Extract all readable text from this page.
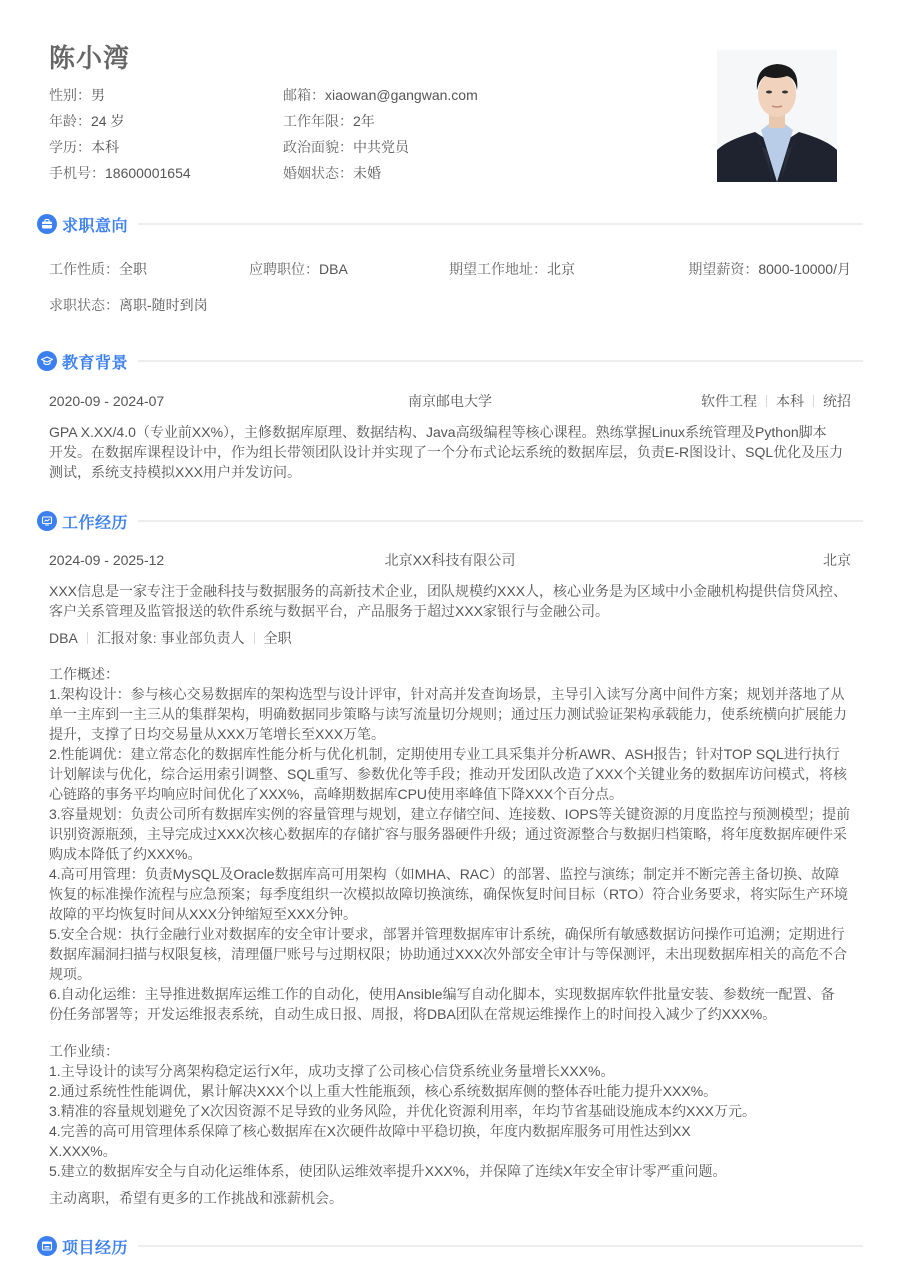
陈小湾
性别：男	邮箱：xiaowan@gangwan.com
年龄：24 岁	工作年限：2年
学历：本科	政治面貌：中共党员
手机号：18600001654	婚姻状态：未婚
求职意向
工作性质：全职	应聘职位：DBA	期望工作地址：北京	期望薪资：8000-10000/月
求职状态：离职-随时到岗
教育背景
2020-09 - 2024-07	南京邮电大学	软件工程 本科 统招

GPA X.XX/4.0（专业前XX%），主修数据库原理、数据结构、Java高级编程等核心课程。熟练掌握Linux系统管理及Python脚本

开发。在数据库课程设计中，作为组长带领团队设计并实现了一个分布式论坛系统的数据库层，负责E-R图设计、SQL优化及压力

测试，系统支持模拟XXX用户并发访问。

工作经历
2024-09 - 2025-12	北京XX科技有限公司	北京

XXX信息是一家专注于金融科技与数据服务的高新技术企业，团队规模约XXX人，核心业务是为区域中小金融机构提供信贷风控、

客户关系管理及监管报送的软件系统与数据平台，产品服务于超过XXX家银行与金融公司。

DBA 汇报对象: 事业部负责人 全职

工作概述：

1.架构设计：参与核心交易数据库的架构选型与设计评审，针对高并发查询场景，主导引入读写分离中间件方案；规划并落地了从

单一主库到一主三从的集群架构，明确数据同步策略与读写流量切分规则；通过压力测试验证架构承载能力，使系统横向扩展能力

提升，支撑了日均交易量从XXX万笔增长至XXX万笔。

2.性能调优：建立常态化的数据库性能分析与优化机制，定期使用专业工具采集并分析AWR、ASH报告；针对TOP SQL进行执行

计划解读与优化，综合运用索引调整、SQL重写、参数优化等手段；推动开发团队改造了XXX个关键业务的数据库访问模式，将核

心链路的事务平均响应时间优化了XXX%，高峰期数据库CPU使用率峰值下降XXX个百分点。

3.容量规划：负责公司所有数据库实例的容量管理与规划，建立存储空间、连接数、IOPS等关键资源的月度监控与预测模型；提前

识别资源瓶颈，主导完成过XXX次核心数据库的存储扩容与服务器硬件升级；通过资源整合与数据归档策略，将年度数据库硬件采

购成本降低了约XXX%。

4.高可用管理：负责MySQL及Oracle数据库高可用架构（如MHA、RAC）的部署、监控与演练；制定并不断完善主备切换、故障

恢复的标准操作流程与应急预案；每季度组织一次模拟故障切换演练，确保恢复时间目标（RTO）符合业务要求，将实际生产环境

故障的平均恢复时间从XXX分钟缩短至XXX分钟。

5.安全合规：执行金融行业对数据库的安全审计要求，部署并管理数据库审计系统，确保所有敏感数据访问操作可追溯；定期进行

数据库漏洞扫描与权限复核，清理僵尸账号与过期权限；协助通过XXX次外部安全审计与等保测评，未出现数据库相关的高危不合

规项。

6.自动化运维：主导推进数据库运维工作的自动化，使用Ansible编写自动化脚本，实现数据库软件批量安装、参数统一配置、备

份任务部署等；开发运维报表系统，自动生成日报、周报，将DBA团队在常规运维操作上的时间投入减少了约XXX%。

工作业绩：

1.主导设计的读写分离架构稳定运行X年，成功支撑了公司核心信贷系统业务量增长XXX%。

2.通过系统性性能调优，累计解决XXX个以上重大性能瓶颈，核心系统数据库侧的整体吞吐能力提升XXX%。

3.精准的容量规划避免了X次因资源不足导致的业务风险，并优化资源利用率，年均节省基础设施成本约XXX万元。

4.完善的高可用管理体系保障了核心数据库在X次硬件故障中平稳切换，年度内数据库服务可用性达到XX

X.XXX%。

5.建立的数据库安全与自动化运维体系，使团队运维效率提升XXX%，并保障了连续X年安全审计零严重问题。

主动离职，希望有更多的工作挑战和涨薪机会。

项目经历
